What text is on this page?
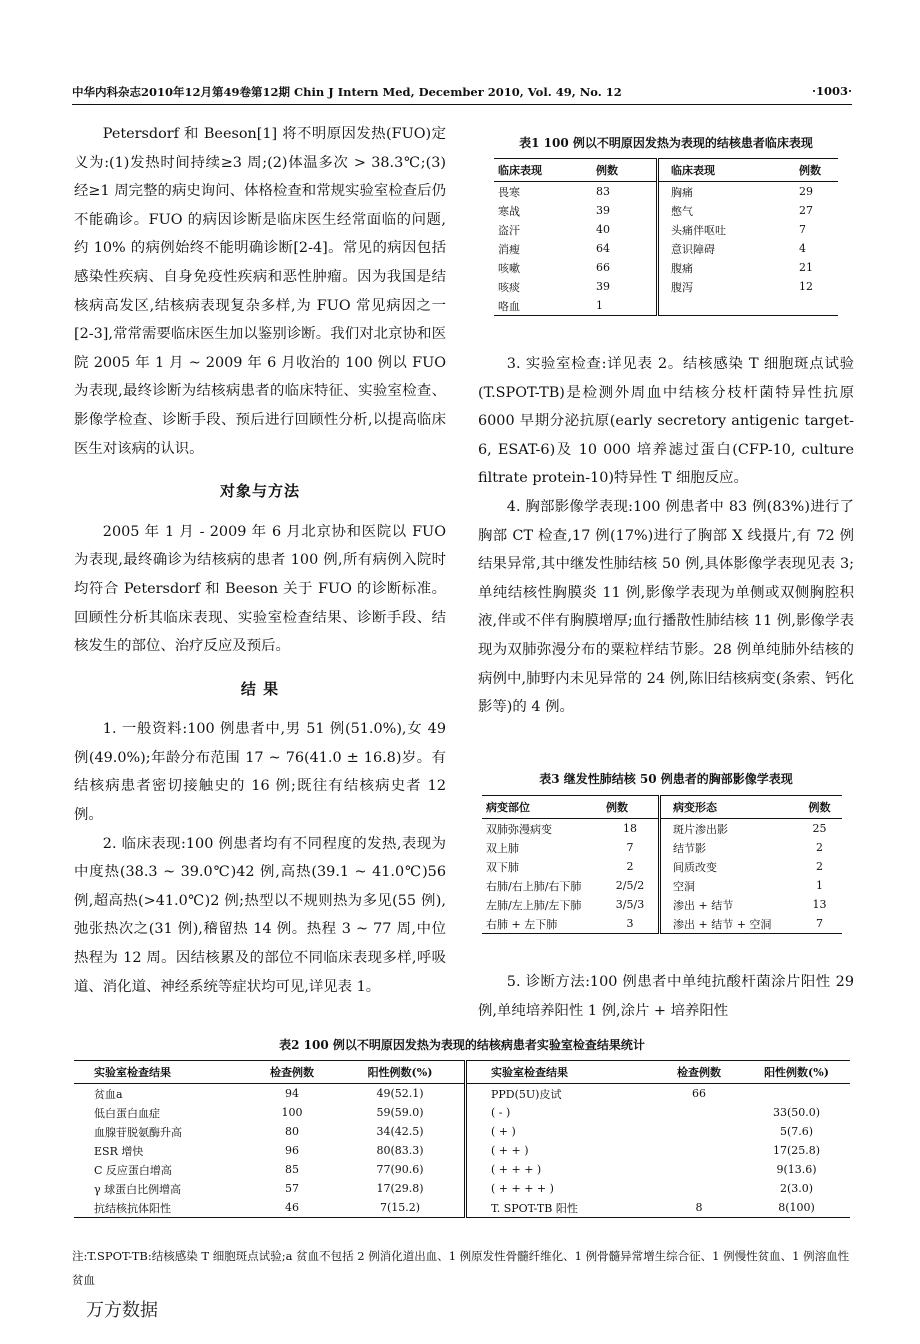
中华内科杂志2010年12月第49卷第12期 Chin J Intern Med, December 2010, Vol. 49, No. 12	·1003·

Petersdorf 和 Beeson[1] 将不明原因发热(FUO)定义为:(1)发热时间持续≥3 周;(2)体温多次 > 38.3℃;(3)经≥1 周完整的病史询问、体格检查和常规实验室检查后仍不能确诊。FUO 的病因诊断是临床医生经常面临的问题,约 10% 的病例始终不能明确诊断[2-4]。常见的病因包括感染性疾病、自身免疫性疾病和恶性肿瘤。因为我国是结核病高发区,结核病表现复杂多样,为 FUO 常见病因之一[2-3],常常需要临床医生加以鉴别诊断。我们对北京协和医院 2005 年 1 月 ~ 2009 年 6 月收治的 100 例以 FUO 为表现,最终诊断为结核病患者的临床特征、实验室检查、影像学检查、诊断手段、预后进行回顾性分析,以提高临床医生对该病的认识。

对象与方法

2005 年 1 月 - 2009 年 6 月北京协和医院以 FUO 为表现,最终确诊为结核病的患者 100 例,所有病例入院时均符合 Petersdorf 和 Beeson 关于 FUO 的诊断标准。回顾性分析其临床表现、实验室检查结果、诊断手段、结核发生的部位、治疗反应及预后。

结 果

1. 一般资料:100 例患者中,男 51 例(51.0%),女 49 例(49.0%);年龄分布范围 17 ~ 76(41.0 ± 16.8)岁。有结核病患者密切接触史的 16 例;既往有结核病史者 12 例。

2. 临床表现:100 例患者均有不同程度的发热,表现为中度热(38.3 ~ 39.0℃)42 例,高热(39.1 ~ 41.0℃)56 例,超高热(>41.0℃)2 例;热型以不规则热为多见(55 例),弛张热次之(31 例),稽留热 14 例。热程 3 ~ 77 周,中位热程为 12 周。因结核累及的部位不同临床表现多样,呼吸道、消化道、神经系统等症状均可见,详见表 1。

表1 100 例以不明原因发热为表现的结核患者临床表现
临床表现	例数	临床表现	例数
畏寒	83	胸痛	29
寒战	39	憋气	27
盗汗	40	头痛伴呕吐	7
消瘦	64	意识障碍	4
咳嗽	66	腹痛	21
咳痰	39	腹泻	12
咯血	1		

3. 实验室检查:详见表 2。结核感染 T 细胞斑点试验(T.SPOT-TB)是检测外周血中结核分枝杆菌特异性抗原 6000 早期分泌抗原(early secretory antigenic target-6, ESAT-6)及 10 000 培养滤过蛋白(CFP-10, culture filtrate protein-10)特异性 T 细胞反应。

4. 胸部影像学表现:100 例患者中 83 例(83%)进行了胸部 CT 检查,17 例(17%)进行了胸部 X 线摄片,有 72 例结果异常,其中继发性肺结核 50 例,具体影像学表现见表 3;单纯结核性胸膜炎 11 例,影像学表现为单侧或双侧胸腔积液,伴或不伴有胸膜增厚;血行播散性肺结核 11 例,影像学表现为双肺弥漫分布的粟粒样结节影。28 例单纯肺外结核的病例中,肺野内未见异常的 24 例,陈旧结核病变(条索、钙化影等)的 4 例。

表3 继发性肺结核 50 例患者的胸部影像学表现
病变部位	例数	病变形态	例数
双肺弥漫病变	18	斑片渗出影	25
双上肺	7	结节影	2
双下肺	2	间质改变	2
右肺/右上肺/右下肺	2/5/2	空洞	1
左肺/左上肺/左下肺	3/5/3	渗出 + 结节	13
右肺 + 左下肺	3	渗出 + 结节 + 空洞	7

5. 诊断方法:100 例患者中单纯抗酸杆菌涂片阳性 29 例,单纯培养阳性 1 例,涂片 + 培养阳性

表2 100 例以不明原因发热为表现的结核病患者实验室检查结果统计
实验室检查结果	检查例数	阳性例数(%)	实验室检查结果	检查例数	阳性例数(%)
贫血a	94	49(52.1)	PPD(5U)皮试	66	
低白蛋白血症	100	59(59.0)	( - )		33(50.0)
血腺苷脱氨酶升高	80	34(42.5)	( + )		5(7.6)
ESR 增快	96	80(83.3)	( + + )		17(25.8)
C 反应蛋白增高	85	77(90.6)	( + + + )		9(13.6)
γ 球蛋白比例增高	57	17(29.8)	( + + + + )		2(3.0)
抗结核抗体阳性	46	7(15.2)	T. SPOT-TB 阳性	8	8(100)
注:T.SPOT-TB:结核感染 T 细胞斑点试验;a 贫血不包括 2 例消化道出血、1 例原发性骨髓纤维化、1 例骨髓异常增生综合征、1 例慢性贫血、1 例溶血性贫血
万方数据
